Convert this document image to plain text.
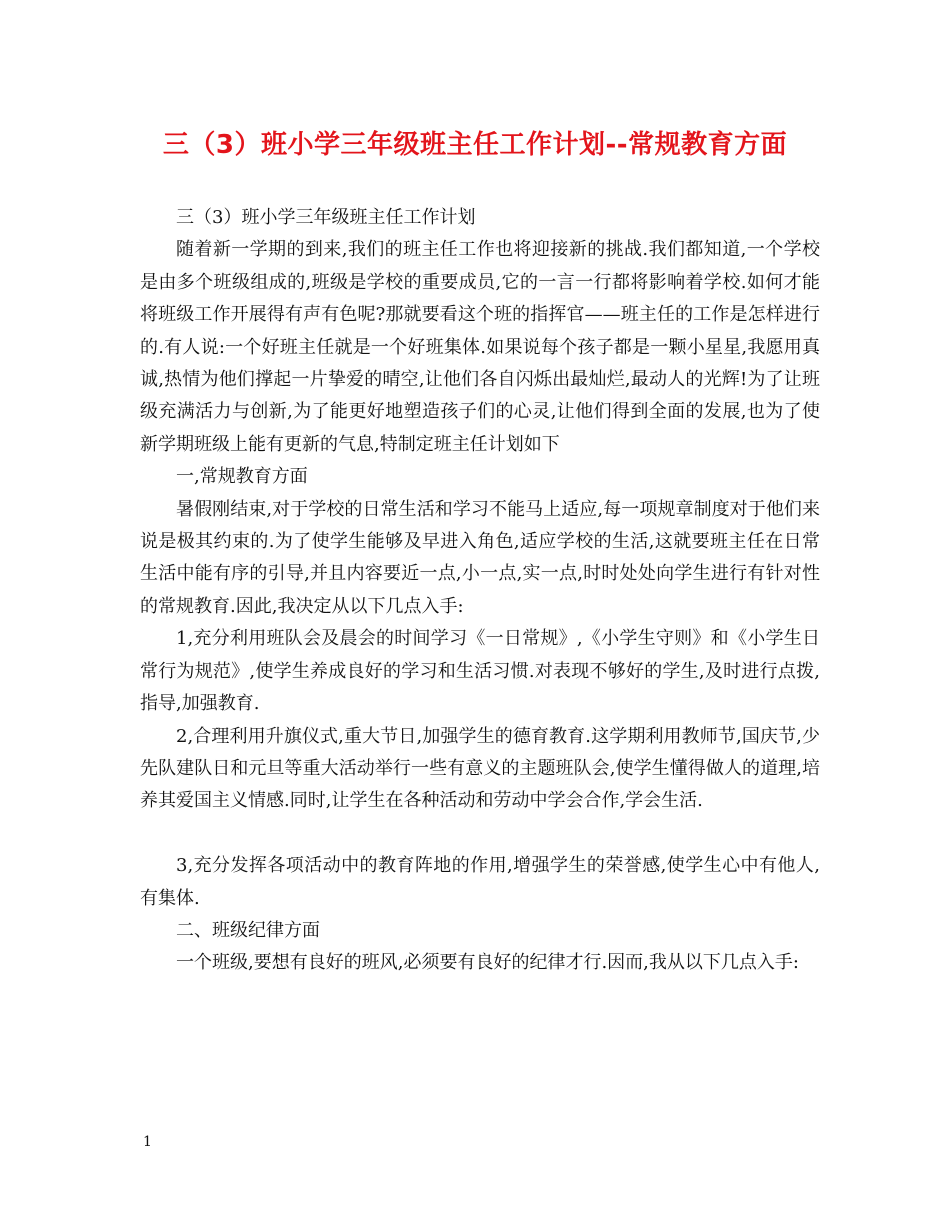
三（3）班小学三年级班主任工作计划--常规教育方面

三（3）班小学三年级班主任工作计划

随着新一学期的到来,我们的班主任工作也将迎接新的挑战.我们都知道,一个学校是由多个班级组成的,班级是学校的重要成员,它的一言一行都将影响着学校.如何才能将班级工作开展得有声有色呢?那就要看这个班的指挥官——班主任的工作是怎样进行的.有人说:一个好班主任就是一个好班集体.如果说每个孩子都是一颗小星星,我愿用真诚,热情为他们撑起一片挚爱的晴空,让他们各自闪烁出最灿烂,最动人的光辉!为了让班级充满活力与创新,为了能更好地塑造孩子们的心灵,让他们得到全面的发展,也为了使新学期班级上能有更新的气息,特制定班主任计划如下

一,常规教育方面

暑假刚结束,对于学校的日常生活和学习不能马上适应,每一项规章制度对于他们来说是极其约束的.为了使学生能够及早进入角色,适应学校的生活,这就要班主任在日常生活中能有序的引导,并且内容要近一点,小一点,实一点,时时处处向学生进行有针对性的常规教育.因此,我决定从以下几点入手:

1,充分利用班队会及晨会的时间学习《一日常规》,《小学生守则》和《小学生日常行为规范》,使学生养成良好的学习和生活习惯.对表现不够好的学生,及时进行点拨,指导,加强教育.

2,合理利用升旗仪式,重大节日,加强学生的德育教育.这学期利用教师节,国庆节,少先队建队日和元旦等重大活动举行一些有意义的主题班队会,使学生懂得做人的道理,培养其爱国主义情感.同时,让学生在各种活动和劳动中学会合作,学会生活.

3,充分发挥各项活动中的教育阵地的作用,增强学生的荣誉感,使学生心中有他人,有集体.

二、班级纪律方面

一个班级,要想有良好的班风,必须要有良好的纪律才行.因而,我从以下几点入手:

1
